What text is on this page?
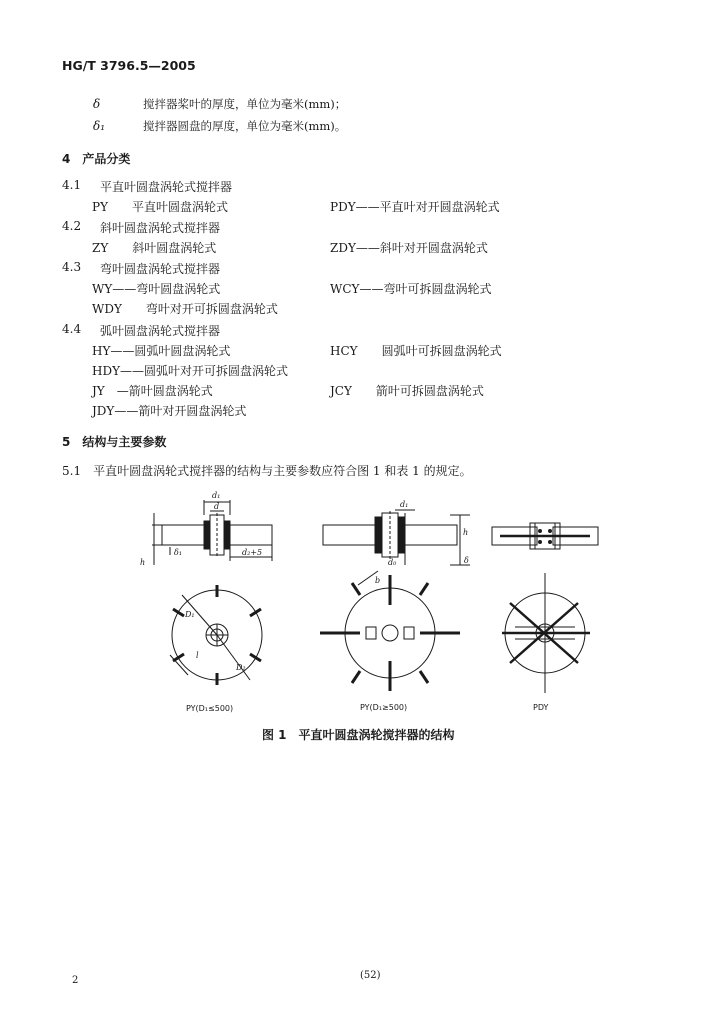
HG/T 3796.5—2005
δ	搅拌器桨叶的厚度，单位为毫米(mm)；
δ₁	搅拌器圆盘的厚度，单位为毫米(mm)。
4　产品分类
4.1 平直叶圆盘涡轮式搅拌器
PY　　平直叶圆盘涡轮式	PDY——平直叶对开圆盘涡轮式
4.2 斜叶圆盘涡轮式搅拌器
ZY　　斜叶圆盘涡轮式	ZDY——斜叶对开圆盘涡轮式
4.3 弯叶圆盘涡轮式搅拌器
WY——弯叶圆盘涡轮式	WCY——弯叶可拆圆盘涡轮式
WDY　　弯叶对开可拆圆盘涡轮式
4.4 弧叶圆盘涡轮式搅拌器
HY——圆弧叶圆盘涡轮式	HCY　　圆弧叶可拆圆盘涡轮式
HDY——圆弧叶对开可拆圆盘涡轮式
JY　—箭叶圆盘涡轮式	JCY　　箭叶可拆圆盘涡轮式
JDY——箭叶对开圆盘涡轮式
5　结构与主要参数
5.1　平直叶圆盘涡轮式搅拌器的结构与主要参数应符合图 1 和表 1 的规定。
d₁
d
d₂+5
δ₁
h
D₁
D₂
l
d₁
d₀
h
b
δ
PY(D₁≤500)	PY(D₁≥500)	PDY
图 1　平直叶圆盘涡轮搅拌器的结构
2	(52)
